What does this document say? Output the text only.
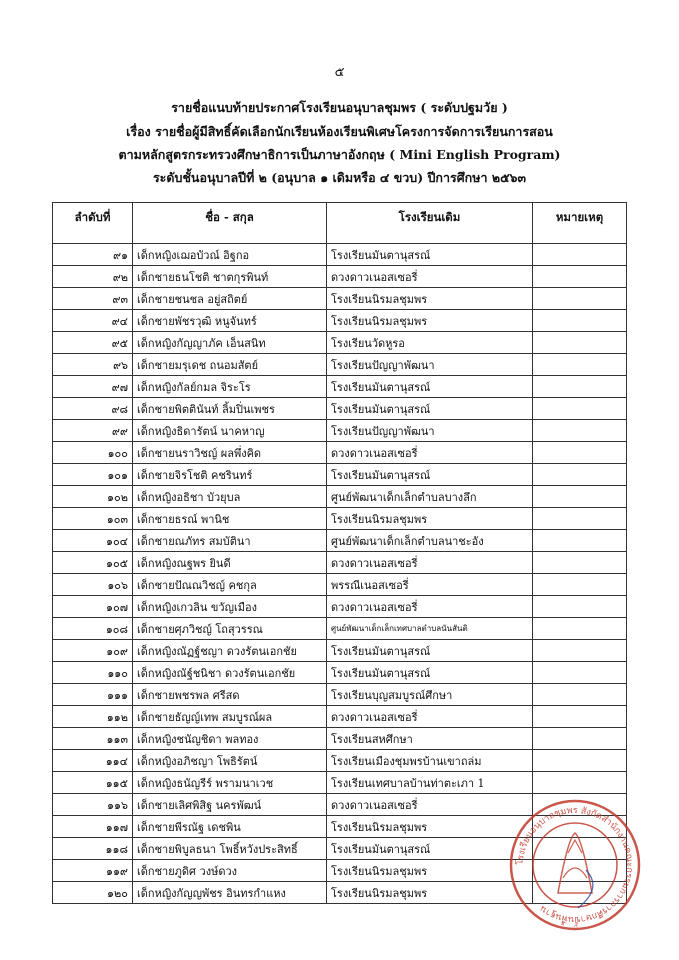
๕
รายชื่อแนบท้ายประกาศโรงเรียนอนุบาลชุมพร ( ระดับปฐมวัย )
เรื่อง รายชื่อผู้มีสิทธิ์คัดเลือกนักเรียนห้องเรียนพิเศษโครงการจัดการเรียนการสอน
ตามหลักสูตรกระทรวงศึกษาธิการเป็นภาษาอังกฤษ ( Mini English Program)
ระดับชั้นอนุบาลปีที่ ๒ (อนุบาล ๑ เดิมหรือ ๔ ขวบ) ปีการศึกษา ๒๕๖๓
ลำดับที่	ชื่อ - สกุล	โรงเรียนเดิม	หมายเหตุ
๙๑	เด็กหญิงเฌอบัวณ์ อิฐกอ	โรงเรียนมันตานุสรณ์	
๙๒	เด็กชายธนโชติ ชาตกุรพินท์	ดวงดาวเนอสเซอรี่	
๙๓	เด็กชายชนชล อยู่สถิตย์	โรงเรียนนิรมลชุมพร	
๙๔	เด็กชายพัชรวุฒิ หนูจันทร์	โรงเรียนนิรมลชุมพร	
๙๕	เด็กหญิงกัญญาภัค เอ็นสนิท	โรงเรียนวัดหูรอ	
๙๖	เด็กชายมรุเดช ถนอมสัตย์	โรงเรียนปัญญาพัฒนา	
๙๗	เด็กหญิงกัลย์กมล จิระโร	โรงเรียนมันตานุสรณ์	
๙๘	เด็กชายพิตตินันท์ ลิ้มปิ่นเพชร	โรงเรียนมันตานุสรณ์	
๙๙	เด็กหญิงธิดารัตน์ นาคหาญ	โรงเรียนปัญญาพัฒนา	
๑๐๐	เด็กชายนราวิชญ์ ผลพึ่งคิด	ดวงดาวเนอสเซอรี่	
๑๐๑	เด็กชายจิรโชติ คชรินทร์	โรงเรียนมันตานุสรณ์	
๑๐๒	เด็กหญิงอธิชา บัวยุบล	ศูนย์พัฒนาเด็กเล็กตำบลบางลึก	
๑๐๓	เด็กชายธรณ์ พานิช	โรงเรียนนิรมลชุมพร	
๑๐๔	เด็กชายณภัทร สมบัตินา	ศูนย์พัฒนาเด็กเล็กตำบลนาชะอัง	
๑๐๕	เด็กหญิงณฐพร ยินดี	ดวงดาวเนอสเซอรี่	
๑๐๖	เด็กชายปัณณวิชญ์ คชกุล	พรรณีเนอสเซอรี่	
๑๐๗	เด็กหญิงเกวลิน ขวัญเมือง	ดวงดาวเนอสเซอรี่	
๑๐๘	เด็กชายศุภวิชญ์ โถสุวรรณ	ศูนย์พัฒนาเด็กเล็กเทศบาลตำบลนันสันติ	
๑๐๙	เด็กหญิงณัฏฐ์ชญา ดวงรัตนเอกชัย	โรงเรียนมันตานุสรณ์	
๑๑๐	เด็กหญิงณัฐ์ชนิชา ดวงรัตนเอกชัย	โรงเรียนมันตานุสรณ์	
๑๑๑	เด็กชายพชรพล ศรีสด	โรงเรียนบุญสมบูรณ์ศึกษา	
๑๑๒	เด็กชายธัญญ์เทพ สมบูรณ์ผล	ดวงดาวเนอสเซอรี่	
๑๑๓	เด็กหญิงชนัญชิดา พลทอง	โรงเรียนสหศึกษา	
๑๑๔	เด็กหญิงอภิชญา โพธิรัตน์	โรงเรียนเมืองชุมพรบ้านเขาถล่ม	
๑๑๕	เด็กหญิงธนัญรีร์ พรามนาเวช	โรงเรียนเทศบาลบ้านท่าตะเภา 1	
๑๑๖	เด็กชายเลิศพิสิฐ นครพัฒน์	ดวงดาวเนอสเซอรี่	
๑๑๗	เด็กชายพีรณัฐ เดชพิน	โรงเรียนนิรมลชุมพร	
๑๑๘	เด็กชายพิบูลธนา โพธิ์หวังประสิทธิ์	โรงเรียนมันตานุสรณ์	
๑๑๙	เด็กชายภูดิศ วงษ์ดวง	โรงเรียนนิรมลชุมพร	
๑๒๐	เด็กหญิงกัญญพัชร อินทรกำแหง	โรงเรียนนิรมลชุมพร	
โรงเรียนอนุบาลชุมพร สังกัดสำนักงานคณะกรรมการการศึกษาขั้นพื้นฐาน
